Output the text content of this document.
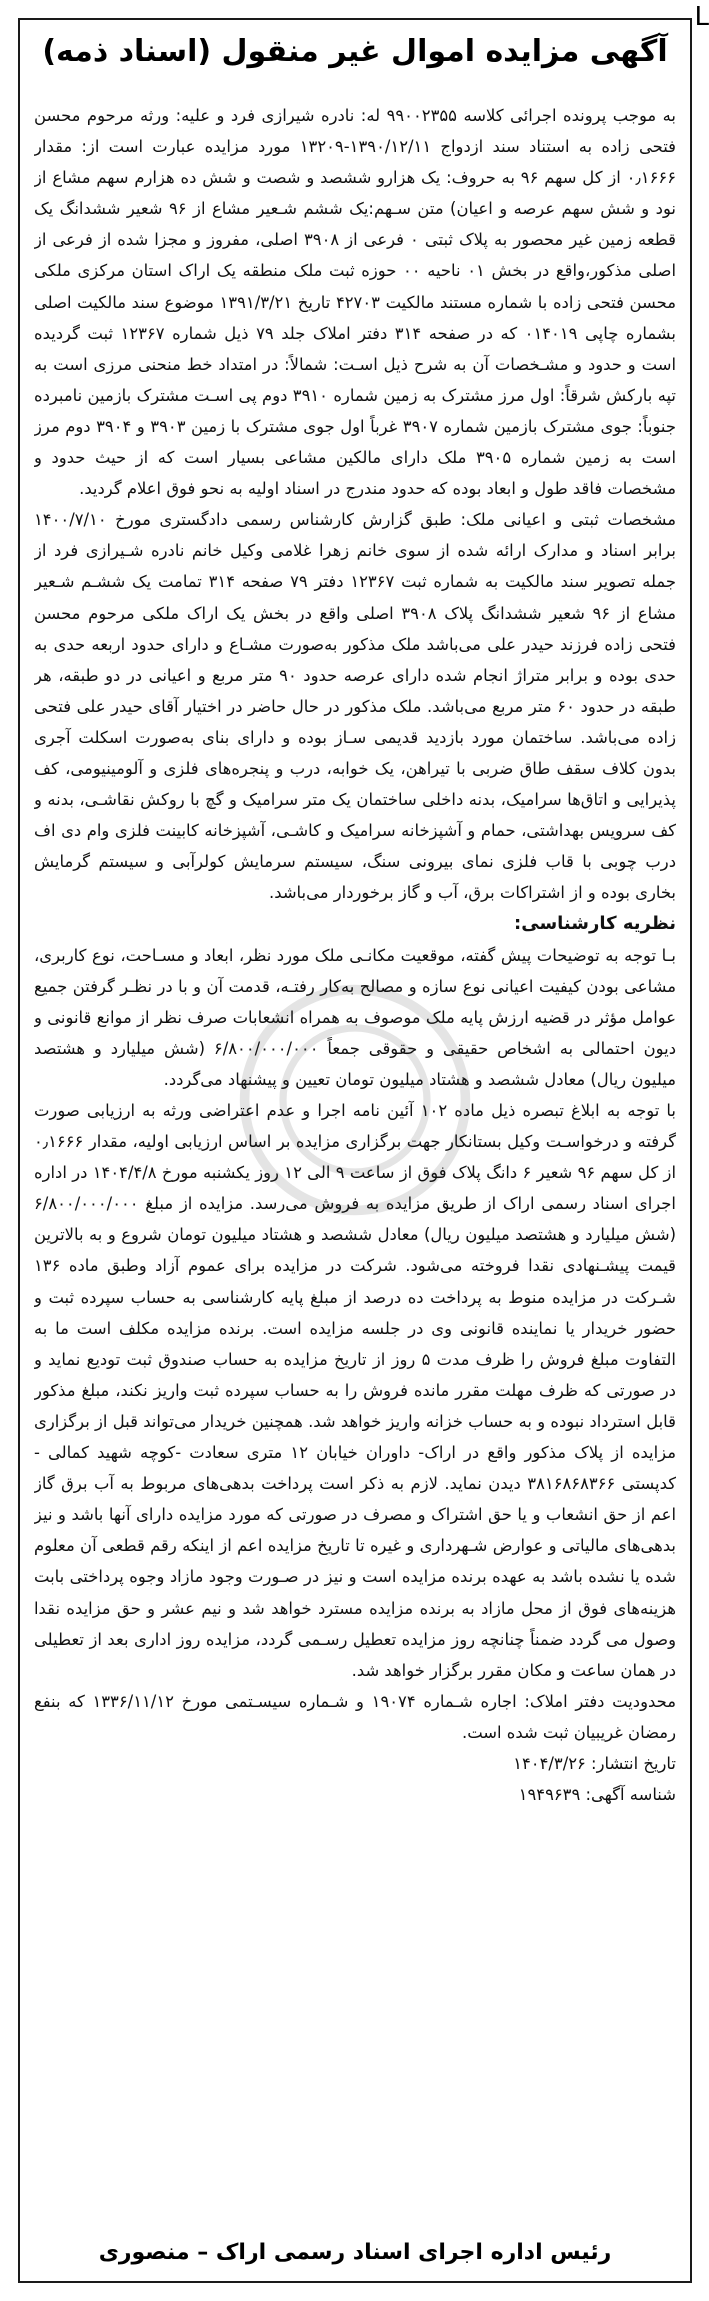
L
آگهی مزایده اموال غیر منقول (اسناد ذمه)

به موجب پرونده اجرائی کلاسه ۹۹۰۰۲۳۵۵ له: نادره شیرازی فرد و علیه: ورثه مرحوم محسن فتحی زاده به استناد سند ازدواج ۱۳۹۰/۱۲/۱۱-۱۳۲۰۹ مورد مزایده عبارت است از: مقدار ۰٫۱۶۶۶ از کل سهم ۹۶ به حروف: یک هزارو ششصد و شصت و شش ده هزارم سهم مشاع از نود و شش سهم عرصه و اعیان) متن سـهم:یک ششم شـعیر مشاع از ۹۶ شعیر ششدانگ یک قطعه زمین غیر محصور به پلاک ثبتی ۰ فرعی از ۳۹۰۸ اصلی، مفروز و مجزا شده از فرعی از اصلی مذکور،واقع در بخش ۰۱ ناحیه ۰۰ حوزه ثبت ملک منطقه یک اراک استان مرکزی ملکی محسن فتحی زاده با شماره مستند مالکیت ۴۲۷۰۳ تاریخ ۱۳۹۱/۳/۲۱ موضوع سند مالکیت اصلی بشماره چاپی ۰۱۴۰۱۹ که در صفحه ۳۱۴ دفتر املاک جلد ۷۹ ذیل شماره ۱۲۳۶۷ ثبت گردیده است و حدود و مشـخصات آن به شرح ذیل اسـت: شمالاً: در امتداد خط منحنی مرزی است به تپه بارکش شرقاً: اول مرز مشترک به زمین شماره ۳۹۱۰ دوم پی اسـت مشترک بازمین نامبرده جنوباً: جوی مشترک بازمین شماره ۳۹۰۷ غرباً اول جوی مشترک با زمین ۳۹۰۳ و ۳۹۰۴ دوم مرز است به زمین شماره ۳۹۰۵ ملک دارای مالکین مشاعی بسیار است که از حیث حدود و مشخصات فاقد طول و ابعاد بوده که حدود مندرج در اسناد اولیه به نحو فوق اعلام گردید.

مشخصات ثبتی و اعیانی ملک: طبق گزارش کارشناس رسمی دادگستری مورخ ۱۴۰۰/۷/۱۰ برابر اسناد و مدارک ارائه شده از سوی خانم زهرا غلامی وکیل خانم نادره شـیرازی فرد از جمله تصویر سند مالکیت به شماره ثبت ۱۲۳۶۷ دفتر ۷۹ صفحه ۳۱۴ تمامت یک ششـم شـعیر مشاع از ۹۶ شعیر ششدانگ پلاک ۳۹۰۸ اصلی واقع در بخش یک اراک ملکی مرحوم محسن فتحی زاده فرزند حیدر علی می‌باشد ملک مذکور به‌صورت مشـاع و دارای حدود اربعه حدی به حدی بوده و برابر متراژ انجام شده دارای عرصه حدود ۹۰ متر مربع و اعیانی در دو طبقه، هر طبقه در حدود ۶۰ متر مربع می‌باشد. ملک مذکور در حال حاضر در اختیار آقای حیدر علی فتحی زاده می‌باشد. ساختمان مورد بازدید قدیمی سـاز بوده و دارای بنای به‌صورت اسکلت آجری بدون کلاف سقف طاق ضربی با تیراهن، یک خوابه، درب و پنجره‌های فلزی و آلومینیومی، کف پذیرایی و اتاق‌ها سرامیک، بدنه داخلی ساختمان یک متر سرامیک و گچ با روکش نقاشـی، بدنه و کف سرویس بهداشتی، حمام و آشپزخانه سرامیک و کاشـی، آشپزخانه کابینت فلزی وام دی اف درب چوبی با قاب فلزی نمای بیرونی سنگ، سیستم سرمایش کولرآبی و سیستم گرمایش بخاری بوده و از اشتراکات برق، آب و گاز برخوردار می‌باشد.

نظریه کارشناسی:

بـا توجه به توضیحات پیش گفته، موقعیت مکانـی ملک مورد نظر، ابعاد و مسـاحت، نوع کاربری، مشاعی بودن کیفیت اعیانی نوع سازه و مصالح به‌کار رفتـه، قدمت آن و با در نظـر گرفتن جمیع عوامل مؤثر در قضیه ارزش پایه ملک موصوف به همراه انشعابات صرف نظر از موانع قانونی و دیون احتمالی به اشخاص حقیقی و حقوقی جمعاً ۶/۸۰۰/۰۰۰/۰۰۰ (شش میلیارد و هشتصد میلیون ریال) معادل ششصد و هشتاد میلیون تومان تعیین و پیشنهاد می‌گردد.

با توجه به ابلاغ تبصره ذیل ماده ۱۰۲ آئین نامه اجرا و عدم اعتراضی ورثه به ارزیابی صورت گرفته و درخواسـت وکیل بستانکار جهت برگزاری مزایده بر اساس ارزیابی اولیه، مقدار ۰٫۱۶۶۶ از کل سهم ۹۶ شعیر ۶ دانگ پلاک فوق از ساعت ۹ الی ۱۲ روز یکشنبه مورخ ۱۴۰۴/۴/۸ در اداره اجرای اسناد رسمی اراک از طریق مزایده به فروش می‌رسد. مزایده از مبلغ ۶/۸۰۰/۰۰۰/۰۰۰ (شش میلیارد و هشتصد میلیون ریال) معادل ششصد و هشتاد میلیون تومان شروع و به بالاترین قیمت پیشـنهادی نقدا فروخته می‌شود. شرکت در مزایده برای عموم آزاد وطبق ماده ۱۳۶ شـرکت در مزایده منوط به پرداخت ده درصد از مبلغ پایه کارشناسی به حساب سپرده ثبت و حضور خریدار یا نماینده قانونی وی در جلسه مزایده است. برنده مزایده مکلف است ما به التفاوت مبلغ فروش را ظرف مدت ۵ روز از تاریخ مزایده به حساب صندوق ثبت تودیع نماید و در صورتی که ظرف مهلت مقرر مانده فروش را به حساب سپرده ثبت واریز نکند، مبلغ مذکور قابل استرداد نبوده و به حساب خزانه واریز خواهد شد. همچنین خریدار می‌تواند قبل از برگزاری مزایده از پلاک مذکور واقع در اراک- داوران خیابان ۱۲ متری سعادت -کوچه شهید کمالی - کدپستی ۳۸۱۶۸۶۸۳۶۶ دیدن نماید. لازم به ذکر است پرداخت بدهی‌های مربوط به آب برق گاز اعم از حق انشعاب و یا حق اشتراک و مصرف در صورتی که مورد مزایده دارای آنها باشد و نیز بدهی‌های مالیاتی و عوارض شـهرداری و غیره تا تاریخ مزایده اعم از اینکه رقم قطعی آن معلوم شده یا نشده باشد به عهده برنده مزایده است و نیز در صـورت وجود مازاد وجوه پرداختی بابت هزینه‌های فوق از محل مازاد به برنده مزایده مسترد خواهد شد و نیم عشر و حق مزایده نقدا وصول می گردد ضمناً چنانچه روز مزایده تعطیل رسـمی گردد، مزایده روز اداری بعد از تعطیلی در همان ساعت و مکان مقرر برگزار خواهد شد.

محدودیت دفتر املاک: اجاره شـماره ۱۹۰۷۴ و شـماره سیسـتمی مورخ ۱۳۳۶/۱۱/۱۲ که بنفع رمضان غریبیان ثبت شده است.

تاریخ انتشار: ۱۴۰۴/۳/۲۶

شناسه آگهی: ۱۹۴۹۶۳۹

رئیس اداره اجرای اسناد رسمی اراک – منصوری
